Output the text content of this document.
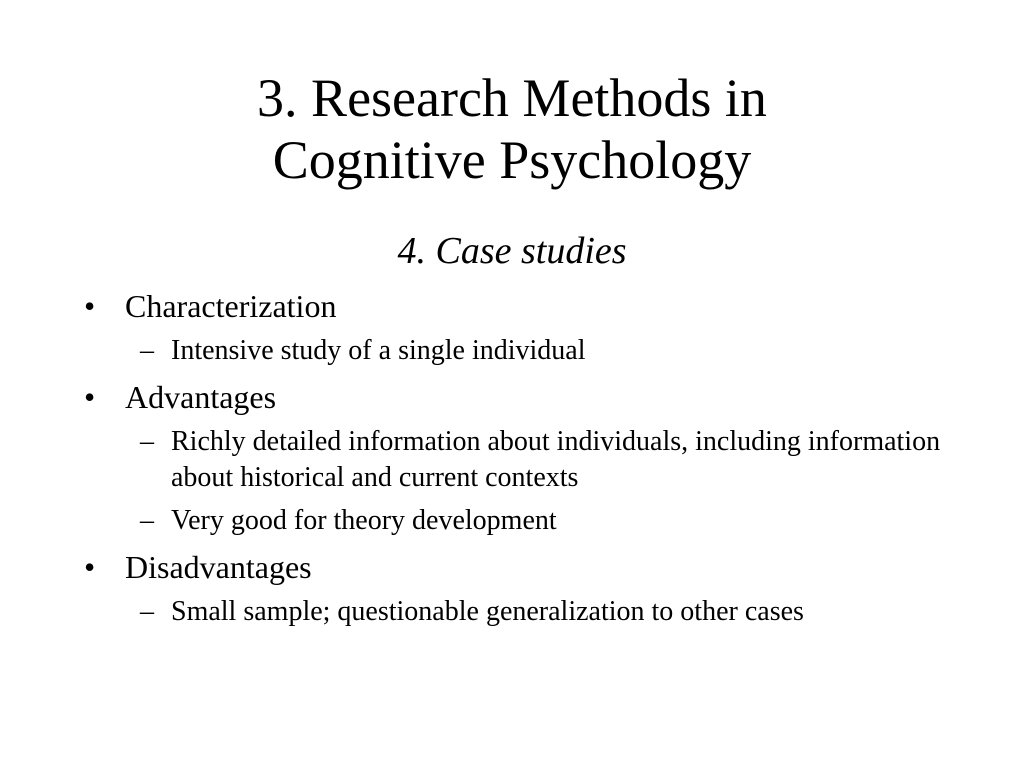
3. Research Methods in
Cognitive Psychology
4. Case studies
• Characterization
– Intensive study of a single individual
• Advantages
– Richly detailed information about individuals, including information about historical and current contexts
– Very good for theory development
• Disadvantages
– Small sample; questionable generalization to other cases
